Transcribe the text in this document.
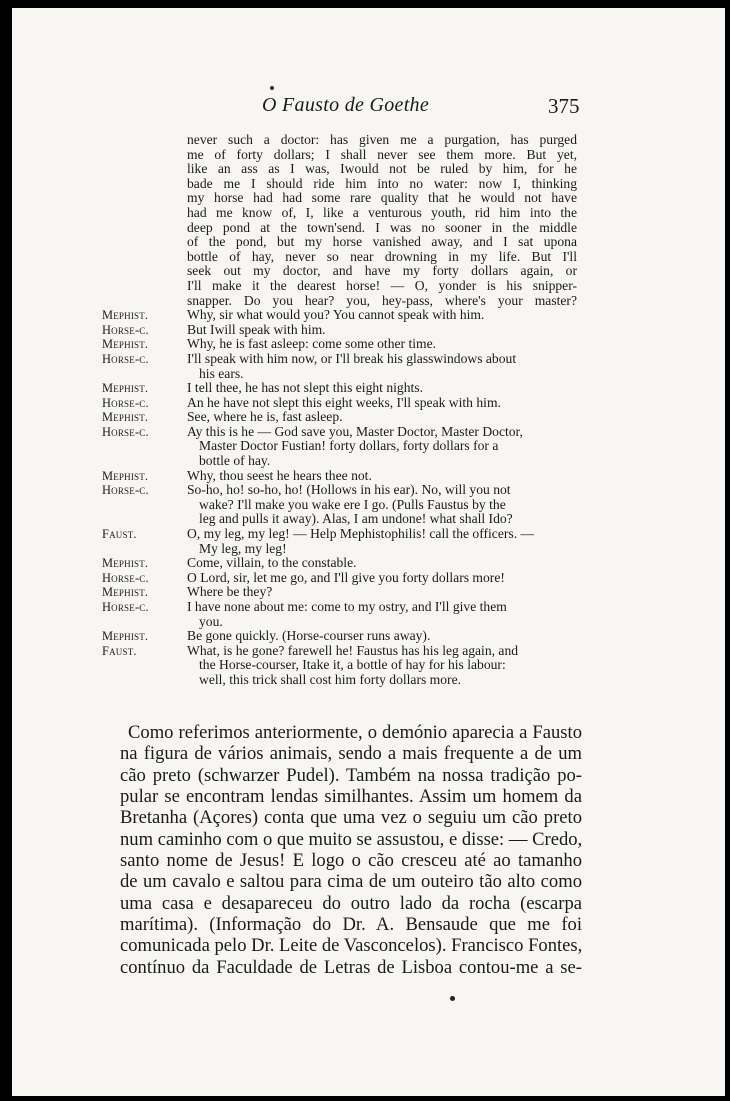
O Fausto de Goethe	375
never such a doctor: has given me a purgation, has purged
me of forty dollars; I shall never see them more. But yet,
like an ass as I was, Iwould not be ruled by him, for he
bade me I should ride him into no water: now I, thinking
my horse had had some rare quality that he would not have
had me know of, I, like a venturous youth, rid him into the
deep pond at the town'send. I was no sooner in the middle
of the pond, but my horse vanished away, and I sat upona
bottle of hay, never so near drowning in my life. But I'll
seek out my doctor, and have my forty dollars again, or
I'll make it the dearest horse! — O, yonder is his snipper-
snapper. Do you hear? you, hey-pass, where's your master?
Mephist.	Why, sir what would you? You cannot speak with him.
Horse-c.	But Iwill speak with him.
Mephist.	Why, he is fast asleep: come some other time.
Horse-c.	I'll speak with him now, or I'll break his glasswindows about
his ears.
Mephist.	I tell thee, he has not slept this eight nights.
Horse-c.	An he have not slept this eight weeks, I'll speak with him.
Mephist.	See, where he is, fast asleep.
Horse-c.	Ay this is he — God save you, Master Doctor, Master Doctor,
Master Doctor Fustian! forty dollars, forty dollars for a
bottle of hay.
Mephist.	Why, thou seest he hears thee not.
Horse-c.	So-ho, ho! so-ho, ho! (Hollows in his ear). No, will you not
wake? I'll make you wake ere I go. (Pulls Faustus by the
leg and pulls it away). Alas, I am undone! what shall Ido?
Faust.	O, my leg, my leg! — Help Mephistophilis! call the officers. —
My leg, my leg!
Mephist.	Come, villain, to the constable.
Horse-c.	O Lord, sir, let me go, and I'll give you forty dollars more!
Mephist.	Where be they?
Horse-c.	I have none about me: come to my ostry, and I'll give them
you.
Mephist.	Be gone quickly. (Horse-courser runs away).
Faust.	What, is he gone? farewell he! Faustus has his leg again, and
the Horse-courser, Itake it, a bottle of hay for his labour:
well, this trick shall cost him forty dollars more.
Como referimos anteriormente, o demónio aparecia a Fausto
na figura de vários animais, sendo a mais frequente a de um
cão preto (schwarzer Pudel). Também na nossa tradição po-
pular se encontram lendas similhantes. Assim um homem da
Bretanha (Açores) conta que uma vez o seguiu um cão preto
num caminho com o que muito se assustou, e disse: — Credo,
santo nome de Jesus! E logo o cão cresceu até ao tamanho
de um cavalo e saltou para cima de um outeiro tão alto como
uma casa e desapareceu do outro lado da rocha (escarpa
marítima). (Informação do Dr. A. Bensaude que me foi
comunicada pelo Dr. Leite de Vasconcelos). Francisco Fontes,
contínuo da Faculdade de Letras de Lisboa contou-me a se-
